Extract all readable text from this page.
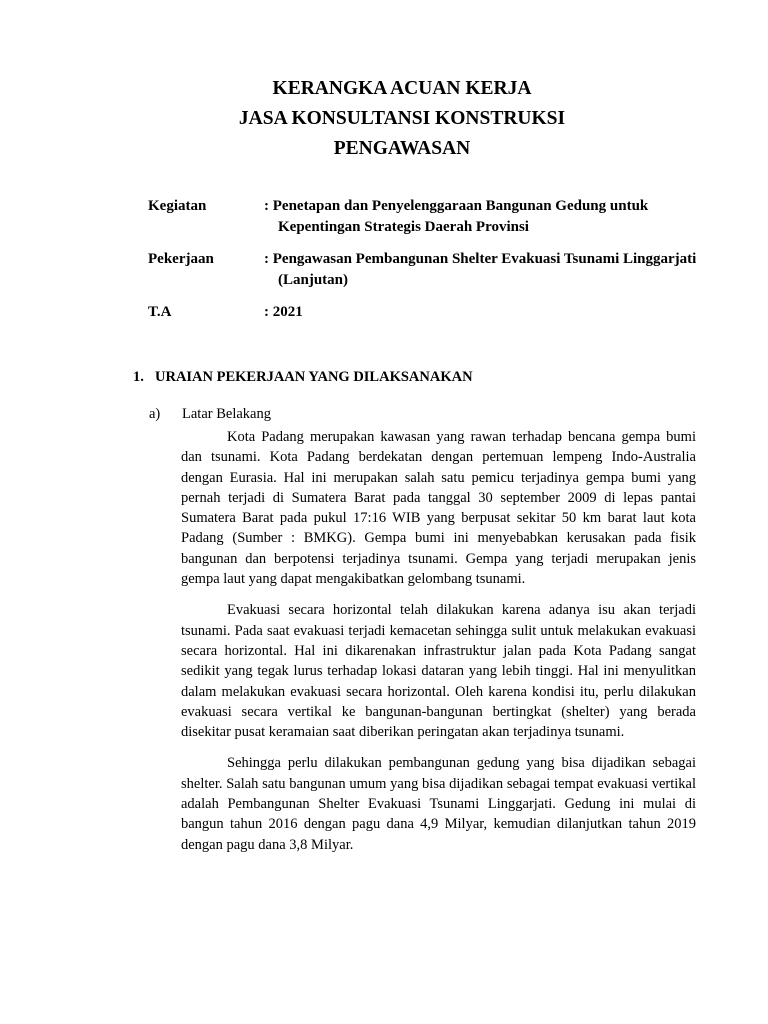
KERANGKA ACUAN KERJA

JASA KONSULTANSI KONSTRUKSI

PENGAWASAN

Kegiatan	: Penetapan dan Penyelenggaraan Bangunan Gedung untuk Kepentingan Strategis Daerah Provinsi
Pekerjaan	: Pengawasan Pembangunan Shelter Evakuasi Tsunami Linggarjati (Lanjutan)
T.A	: 2021
1. URAIAN PEKERJAAN YANG DILAKSANAKAN
a)	Latar Belakang

Kota Padang merupakan kawasan yang rawan terhadap bencana gempa bumi dan tsunami. Kota Padang berdekatan dengan pertemuan lempeng Indo-Australia dengan Eurasia. Hal ini merupakan salah satu pemicu terjadinya gempa bumi yang pernah terjadi di Sumatera Barat pada tanggal 30 september 2009 di lepas pantai Sumatera Barat pada pukul 17:16 WIB yang berpusat sekitar 50 km barat laut kota Padang (Sumber : BMKG). Gempa bumi ini menyebabkan kerusakan pada fisik bangunan dan berpotensi terjadinya tsunami. Gempa yang terjadi merupakan jenis gempa laut yang dapat mengakibatkan gelombang tsunami.

Evakuasi secara horizontal telah dilakukan karena adanya isu akan terjadi tsunami. Pada saat evakuasi terjadi kemacetan sehingga sulit untuk melakukan evakuasi secara horizontal. Hal ini dikarenakan infrastruktur jalan pada Kota Padang sangat sedikit yang tegak lurus terhadap lokasi dataran yang lebih tinggi. Hal ini menyulitkan dalam melakukan evakuasi secara horizontal. Oleh karena kondisi itu, perlu dilakukan evakuasi secara vertikal ke bangunan-bangunan bertingkat (shelter) yang berada disekitar pusat keramaian saat diberikan peringatan akan terjadinya tsunami.

Sehingga perlu dilakukan pembangunan gedung yang bisa dijadikan sebagai shelter. Salah satu bangunan umum yang bisa dijadikan sebagai tempat evakuasi vertikal adalah Pembangunan Shelter Evakuasi Tsunami Linggarjati. Gedung ini mulai di bangun tahun 2016 dengan pagu dana 4,9 Milyar, kemudian dilanjutkan tahun 2019 dengan pagu dana 3,8 Milyar.
